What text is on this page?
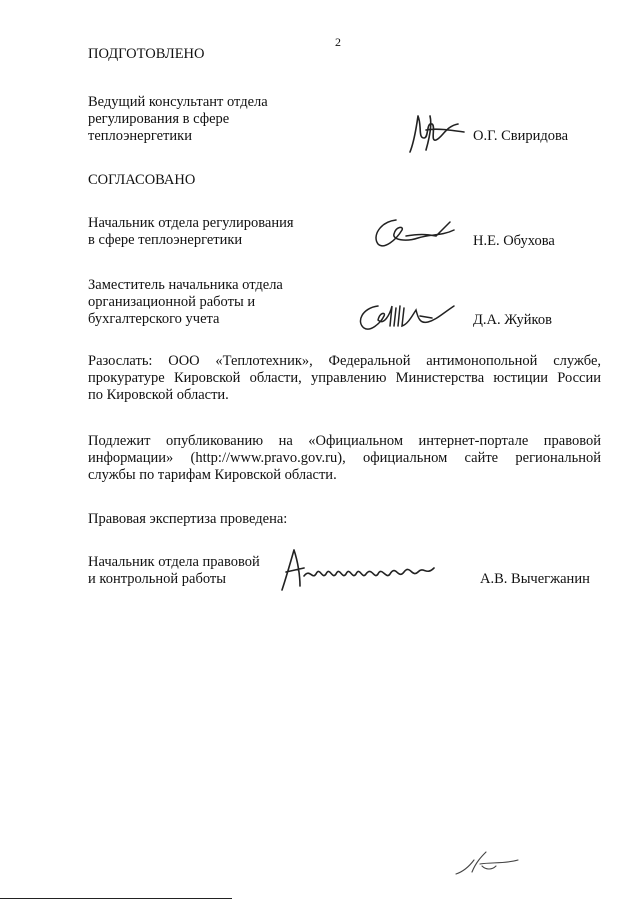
2
ПОДГОТОВЛЕНО
Ведущий консультант отдела
регулирования в сфере
теплоэнергетики	О.Г. Свиридова
СОГЛАСОВАНО
Начальник отдела регулирования
в сфере теплоэнергетики	Н.Е. Обухова
Заместитель начальника отдела
организационной работы и
бухгалтерского учета	Д.А. Жуйков
Разослать: ООО «Теплотехник», Федеральной антимонопольной службе,
прокуратуре Кировской области, управлению Министерства юстиции России
по Кировской области.
Подлежит опубликованию на «Официальном интернет-портале правовой
информации» (http://www.pravo.gov.ru), официальном сайте региональной
службы по тарифам Кировской области.
Правовая экспертиза проведена:
Начальник отдела правовой
и контрольной работы	А.В. Вычегжанин
